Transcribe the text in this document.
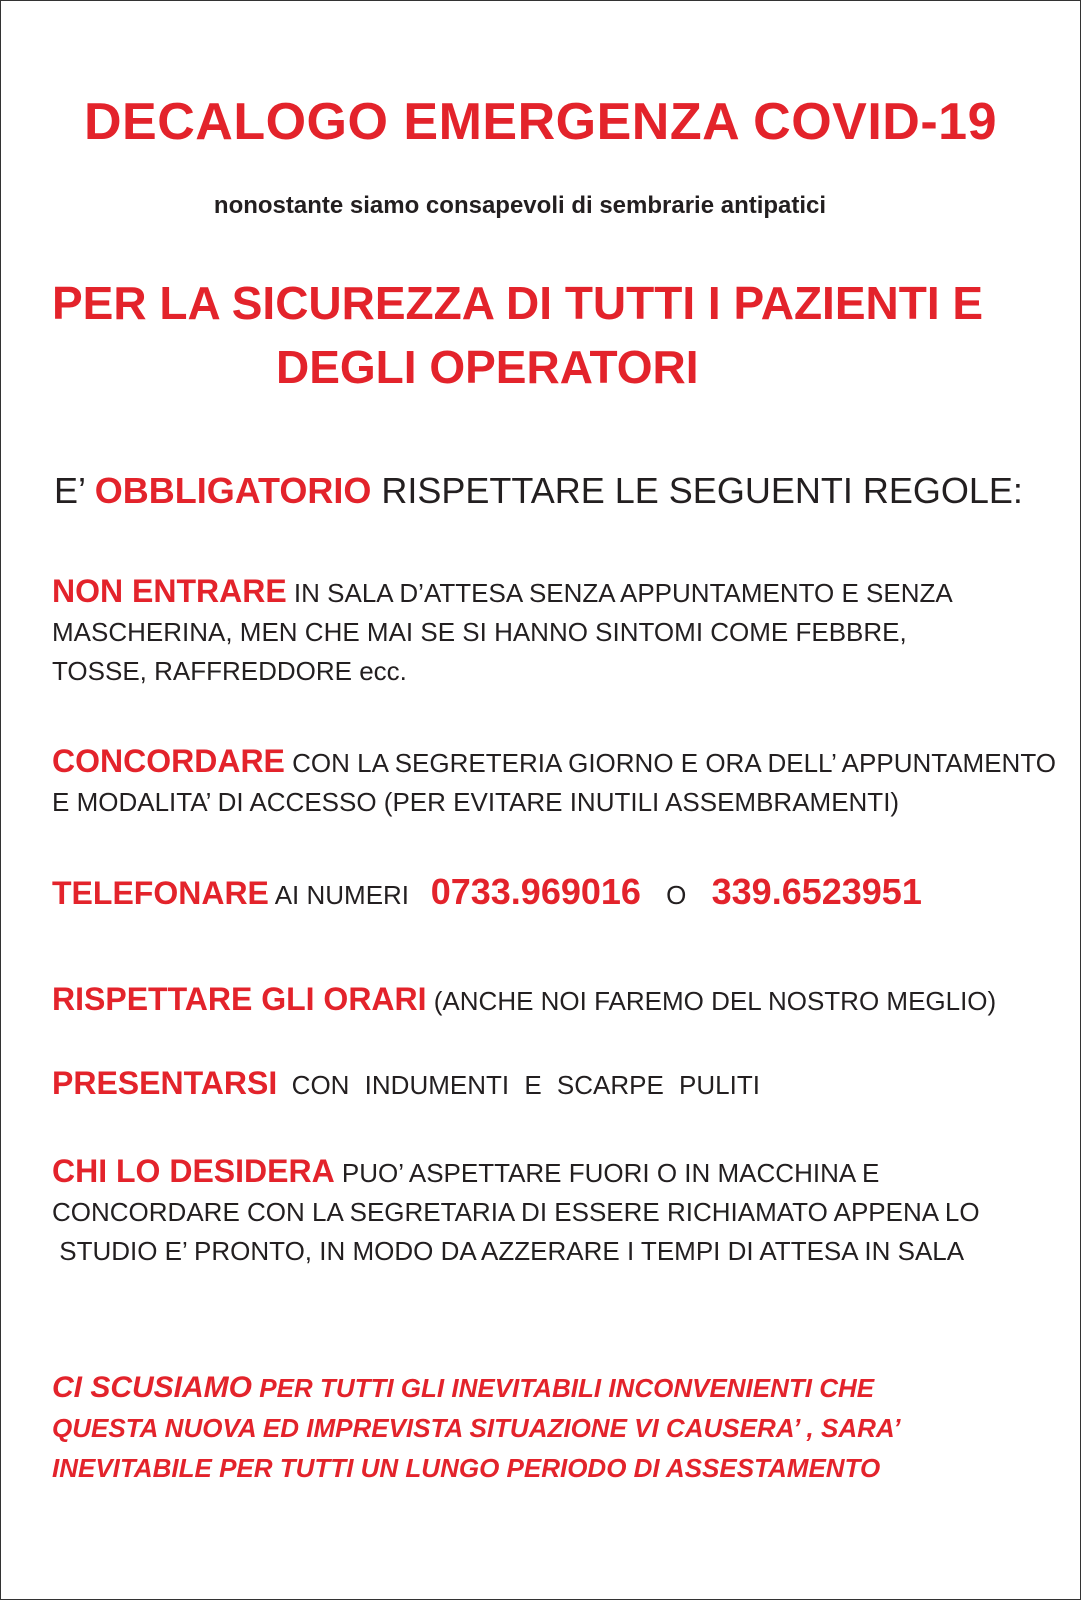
DECALOGO EMERGENZA COVID-19
nonostante siamo consapevoli di sembrarie antipatici
PER LA SICUREZZA DI TUTTI I PAZIENTI E
DEGLI OPERATORI
E’ OBBLIGATORIO RISPETTARE LE SEGUENTI REGOLE:
NON ENTRARE IN SALA D’ATTESA SENZA APPUNTAMENTO E SENZA
MASCHERINA, MEN CHE MAI SE SI HANNO SINTOMI COME FEBBRE,
TOSSE, RAFFREDDORE ecc.
CONCORDARE CON LA SEGRETERIA GIORNO E ORA DELL’ APPUNTAMENTO
E MODALITA’ DI ACCESSO (PER EVITARE INUTILI ASSEMBRAMENTI)
TELEFONARE AI NUMERI 0733.969016 O 339.6523951
RISPETTARE GLI ORARI (ANCHE NOI FAREMO DEL NOSTRO MEGLIO)
PRESENTARSI CON INDUMENTI E SCARPE PULITI
CHI LO DESIDERA PUO’ ASPETTARE FUORI O IN MACCHINA E
CONCORDARE CON LA SEGRETARIA DI ESSERE RICHIAMATO APPENA LO
STUDIO E’ PRONTO, IN MODO DA AZZERARE I TEMPI DI ATTESA IN SALA
CI SCUSIAMO PER TUTTI GLI INEVITABILI INCONVENIENTI CHE
QUESTA NUOVA ED IMPREVISTA SITUAZIONE VI CAUSERA’ , SARA’
INEVITABILE PER TUTTI UN LUNGO PERIODO DI ASSESTAMENTO
